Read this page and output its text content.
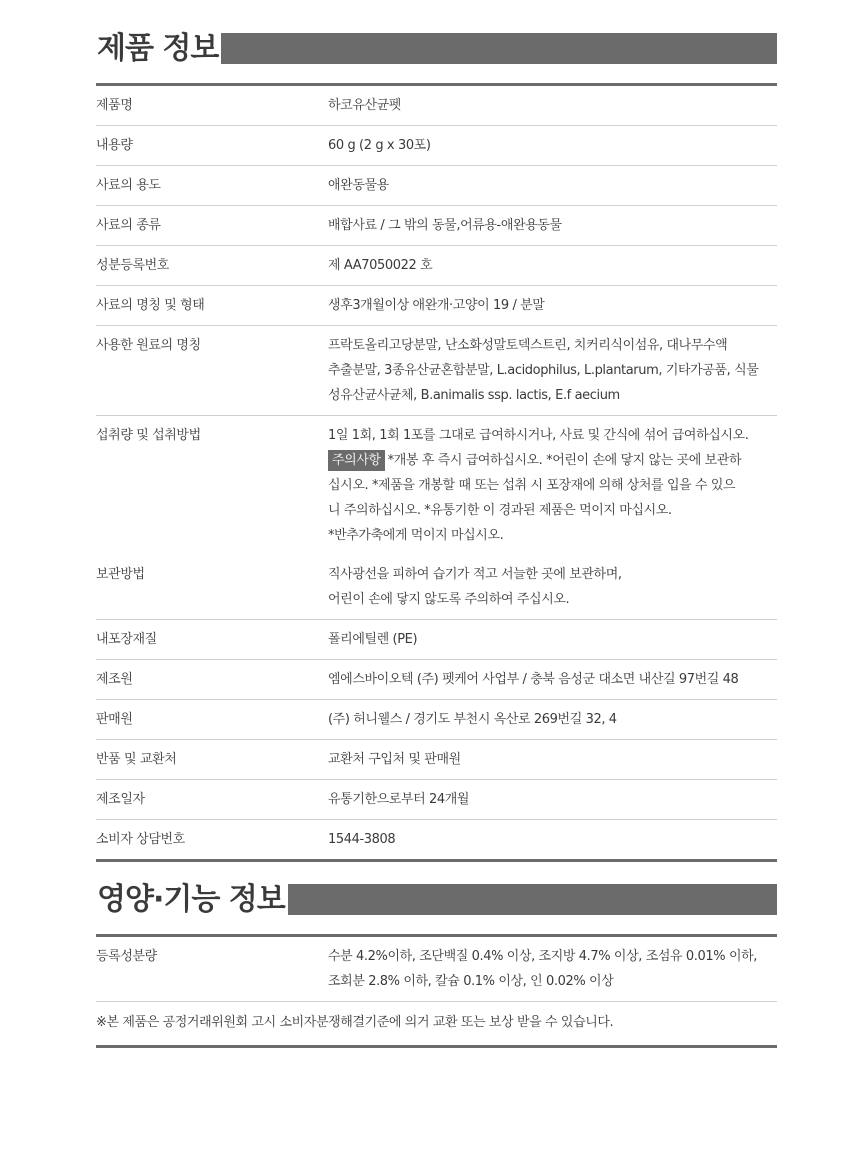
제품 정보
제품명	하코유산균펫

내용량	60 g (2 g x 30포)

사료의 용도	애완동물용

사료의 종류	배합사료 / 그 밖의 동물,어류용-애완용동물

성분등록번호	제 AA7050022 호

사료의 명칭 및 형태	생후3개월이상 애완개·고양이 19 / 분말

사용한 원료의 명칭	프락토올리고당분말, 난소화성말토덱스트린, 치커리식이섬유, 대나무수액
추출분말, 3종유산균혼합분말, L.acidophilus, L.plantarum, 기타가공품, 식물
성유산균사균체, B.animalis ssp. lactis, E.f aecium

섭취량 및 섭취방법	1일 1회, 1회 1포를 그대로 급여하시거나, 사료 및 간식에 섞어 급여하십시오.
주의사항 *개봉 후 즉시 급여하십시오. *어린이 손에 닿지 않는 곳에 보관하
십시오. *제품을 개봉할 때 또는 섭취 시 포장재에 의해 상처를 입을 수 있으
니 주의하십시오. *유통기한 이 경과된 제품은 먹이지 마십시오.
*반추가축에게 먹이지 마십시오.

보관방법	직사광선을 피하여 습기가 적고 서늘한 곳에 보관하며,
어린이 손에 닿지 않도록 주의하여 주십시오.

내포장재질	폴리에틸렌 (PE)

제조원	엠에스바이오텍 (주) 펫케어 사업부 / 충북 음성군 대소면 내산길 97번길 48

판매원	(주) 허니웰스 / 경기도 부천시 옥산로 269번길 32, 4

반품 및 교환처	교환처 구입처 및 판매원

제조일자	유통기한으로부터 24개월

소비자 상담번호	1544-3808
영양·기능 정보
등록성분량	수분 4.2%이하, 조단백질 0.4% 이상, 조지방 4.7% 이상, 조섬유 0.01% 이하,
조회분 2.8% 이하, 칼슘 0.1% 이상, 인 0.02% 이상
※본 제품은 공정거래위원회 고시 소비자분쟁해결기준에 의거 교환 또는 보상 받을 수 있습니다.
